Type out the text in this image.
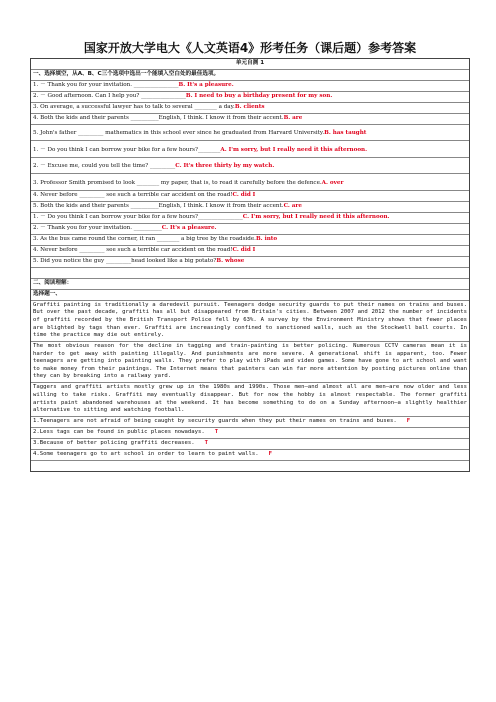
国家开放大学电大《人文英语4》形考任务（课后题）参考答案
单元自测 1
一、选择填空，从A、B、C三个选项中选出一个能填入空白处的最佳选项。
1. － Thank you for your invitation. ________________B. It's a pleasure.
2. － Good afternoon. Can I help you? ________________B. I need to buy a birthday present for my son.
3. On average, a successful lawyer has to talk to several ________ a day.B. clients
4. Both the kids and their parents __________English, I think. I know it from their accent.B. are
5. John's father _________ mathematics in this school ever since he graduated from Harvard University.B. has taught
1. － Do you think I can borrow your bike for a few hours?________A. I'm sorry, but I really need it this afternoon.
2. － Excuse me, could you tell the time? _________C. It's three thirty by my watch.
3. Professor Smith promised to look ________ my paper, that is, to read it carefully before the defence.A. over
4. Never before _________ see such a terrible car accident on the road!C. did I
5. Both the kids and their parents __________English, I think. I know it from their accent.C. are
1. － Do you think I can borrow your bike for a few hours?________________C. I'm sorry, but I really need it this afternoon.
2. － Thank you for your invitation. __________C. It's a pleasure.
3. As the bus came round the corner, it ran ________ a big tree by the roadside.B. into
4. Never before _________ see such a terrible car accident on the road!C. did I
5. Did you notice the guy _________head looked like a big potato?B. whose
二、阅读理解：
选择题一、
Graffiti painting is traditionally a daredevil pursuit. Teenagers dodge security guards to put their names on trains and buses. But over the past decade, graffiti has all but disappeared from Britain's cities. Between 2007 and 2012 the number of incidents of graffiti recorded by the British Transport Police fell by 63%. A survey by the Environment Ministry shows that fewer places are blighted by tags than ever. Graffiti are increasingly confined to sanctioned walls, such as the Stockwell ball courts. In time the practice may die out entirely.
The most obvious reason for the decline in tagging and train-painting is better policing. Numerous CCTV cameras mean it is harder to get away with painting illegally. And punishments are more severe. A generational shift is apparent, too. Fewer teenagers are getting into painting walls. They prefer to play with iPads and video games. Some have gone to art school and want to make money from their paintings. The Internet means that painters can win far more attention by posting pictures online than they can by breaking into a railway yard.
Taggers and graffiti artists mostly grew up in the 1980s and 1990s. Those men—and almost all are men—are now older and less willing to take risks. Graffiti may eventually disappear. But for now the hobby is almost respectable. The former graffiti artists paint abandoned warehouses at the weekend. It has become something to do on a Sunday afternoon—a slightly healthier alternative to sitting and watching football.
1.Teenagers are not afraid of being caught by security guards when they put their names on trains and buses. F
2.Less tags can be found in public places nowadays. T
3.Because of better policing graffiti decreases. T
4.Some teenagers go to art school in order to learn to paint walls. F
